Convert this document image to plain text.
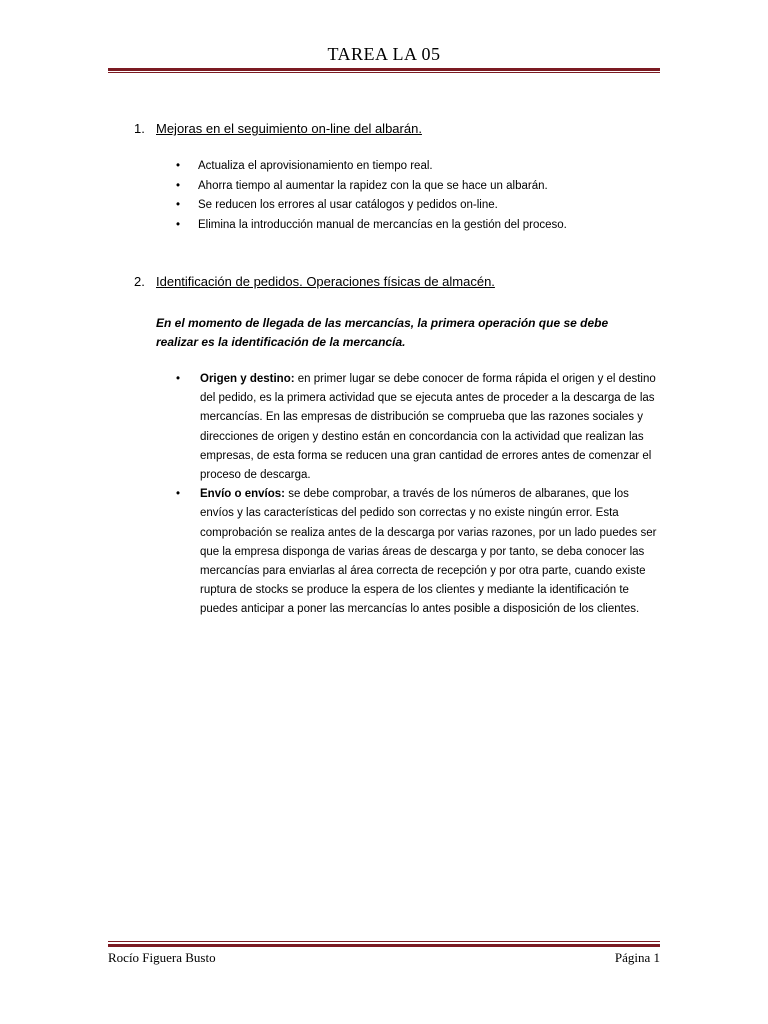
TAREA LA 05
1. Mejoras en el seguimiento on-line del albarán.
•	Actualiza el aprovisionamiento en tiempo real.
•	Ahorra tiempo al aumentar la rapidez con la que se hace un albarán.
•	Se reducen los errores al usar catálogos y pedidos on-line.
•	Elimina la introducción manual de mercancías en la gestión del proceso.
2. Identificación de pedidos. Operaciones físicas de almacén.
En el momento de llegada de las mercancías, la primera operación que se debe realizar es la identificación de la mercancía.
•	Origen y destino: en primer lugar se debe conocer de forma rápida el origen y el destino del pedido, es la primera actividad que se ejecuta antes de proceder a la descarga de las mercancías. En las empresas de distribución se comprueba que las razones sociales y direcciones de origen y destino están en concordancia con la actividad que realizan las empresas, de esta forma se reducen una gran cantidad de errores antes de comenzar el proceso de descarga.
•	Envío o envíos: se debe comprobar, a través de los números de albaranes, que los envíos y las características del pedido son correctas y no existe ningún error. Esta comprobación se realiza antes de la descarga por varias razones, por un lado puedes ser que la empresa disponga de varias áreas de descarga y por tanto, se deba conocer las mercancías para enviarlas al área correcta de recepción y por otra parte, cuando existe ruptura de stocks se produce la espera de los clientes y mediante la identificación te puedes anticipar a poner las mercancías lo antes posible a disposición de los clientes.
Rocío Figuera Busto	Página 1
